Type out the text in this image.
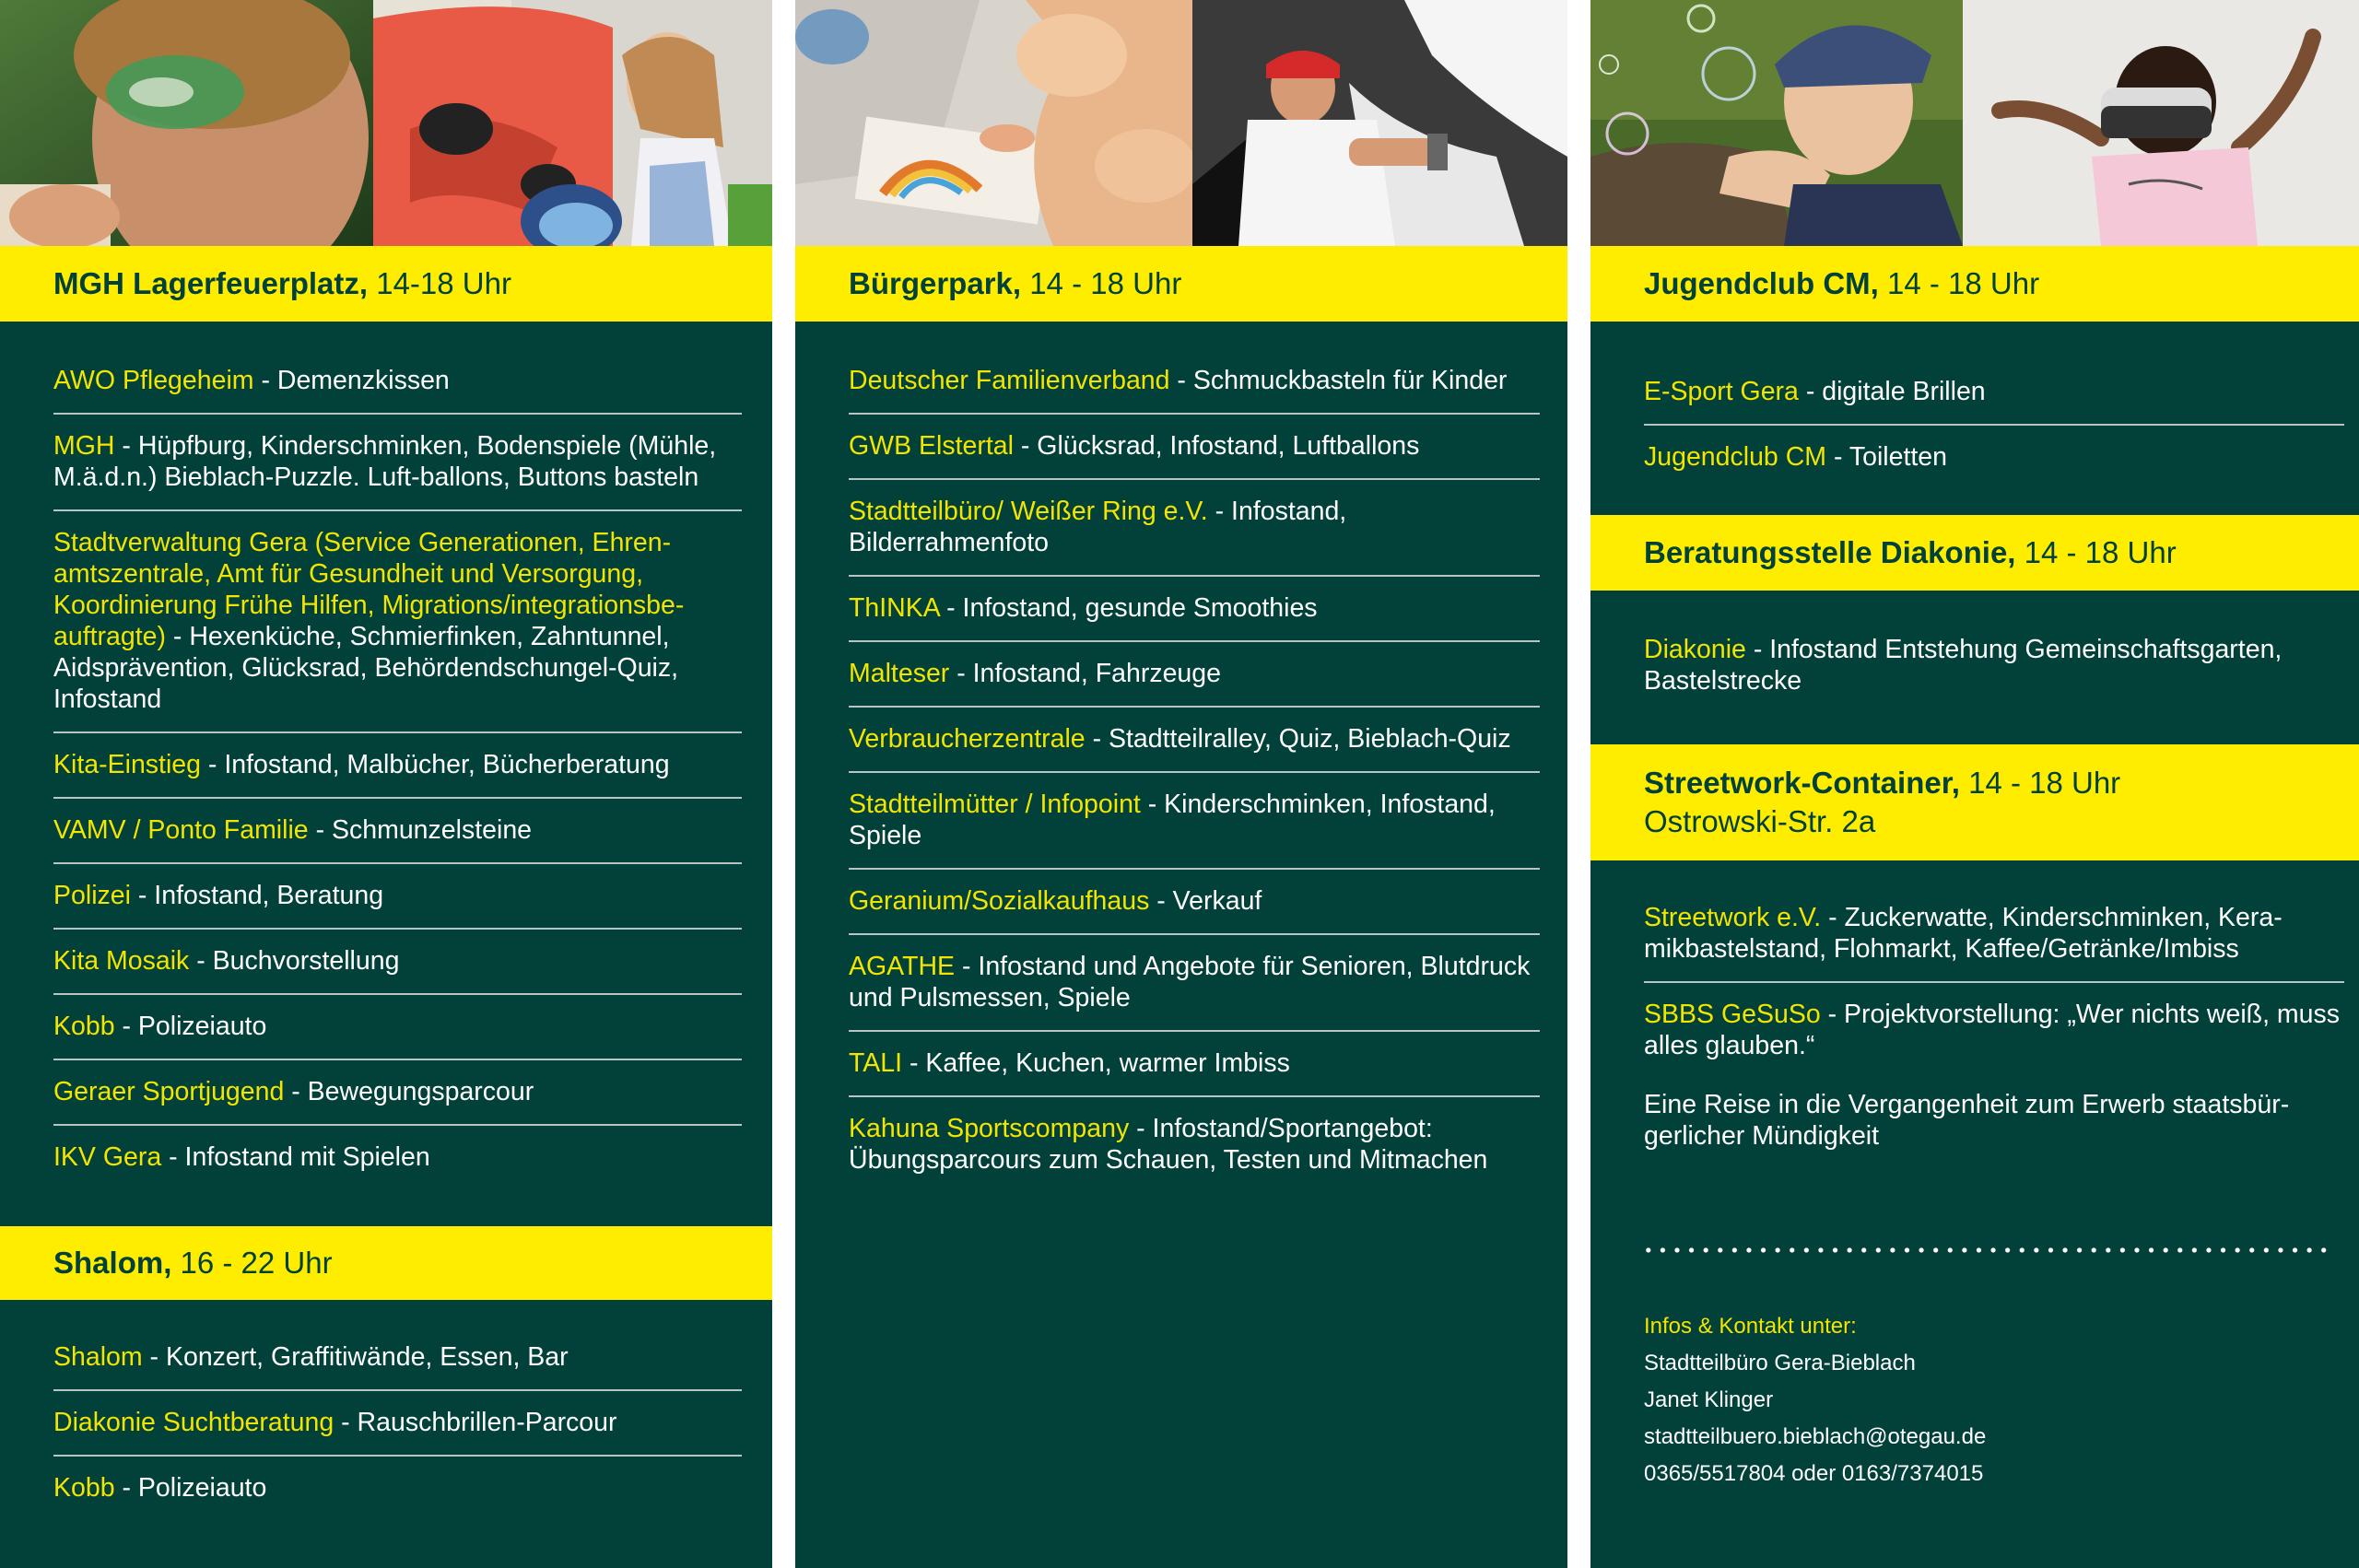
MGH Lagerfeuerplatz, 14-18 Uhr
AWO Pflegeheim - Demenzkissen
MGH - Hüpfburg, Kinderschminken, Bodenspiele (Mühle, M.ä.d.n.) Bieblach-Puzzle. Luft-ballons, Buttons basteln
Stadtverwaltung Gera (Service Generationen, Ehren-amtszentrale, Amt für Gesundheit und Versorgung, Koordinierung Frühe Hilfen, Migrations/integrationsbe-auftragte) - Hexenküche, Schmierfinken, Zahntunnel, Aidsprävention, Glücksrad, Behördendschungel-Quiz, Infostand
Kita-Einstieg - Infostand, Malbücher, Bücherberatung
VAMV / Ponto Familie - Schmunzelsteine
Polizei - Infostand, Beratung
Kita Mosaik - Buchvorstellung
Kobb - Polizeiauto
Geraer Sportjugend - Bewegungsparcour
IKV Gera - Infostand mit Spielen
Shalom, 16 - 22 Uhr
Shalom - Konzert, Graffitiwände, Essen, Bar
Diakonie Suchtberatung - Rauschbrillen-Parcour
Kobb - Polizeiauto
Bürgerpark, 14 - 18 Uhr
Deutscher Familienverband - Schmuckbasteln für Kinder
GWB Elstertal - Glücksrad, Infostand, Luftballons
Stadtteilbüro/ Weißer Ring e.V. - Infostand, Bilderrahmenfoto
ThINKA - Infostand, gesunde Smoothies
Malteser - Infostand, Fahrzeuge
Verbraucherzentrale - Stadtteilralley, Quiz, Bieblach-Quiz
Stadtteilmütter / Infopoint - Kinderschminken, Infostand, Spiele
Geranium/Sozialkaufhaus - Verkauf
AGATHE - Infostand und Angebote für Senioren, Blutdruck und Pulsmessen, Spiele
TALI - Kaffee, Kuchen, warmer Imbiss
Kahuna Sportscompany - Infostand/Sportangebot: Übungsparcours zum Schauen, Testen und Mitmachen
Jugendclub CM, 14 - 18 Uhr
E-Sport Gera - digitale Brillen
Jugendclub CM - Toiletten
Beratungsstelle Diakonie, 14 - 18 Uhr
Diakonie - Infostand Entstehung Gemeinschaftsgarten, Bastelstrecke
Streetwork-Container, 14 - 18 Uhr
Ostrowski-Str. 2a
Streetwork e.V. - Zuckerwatte, Kinderschminken, Kera-mikbastelstand, Flohmarkt, Kaffee/Getränke/Imbiss
SBBS GeSuSo - Projektvorstellung: „Wer nichts weiß, muss alles glauben.“
Eine Reise in die Vergangenheit zum Erwerb staatsbür-gerlicher Mündigkeit
Infos & Kontakt unter:
Stadtteilbüro Gera-Bieblach
Janet Klinger
stadtteilbuero.bieblach@otegau.de
0365/5517804 oder 0163/7374015
